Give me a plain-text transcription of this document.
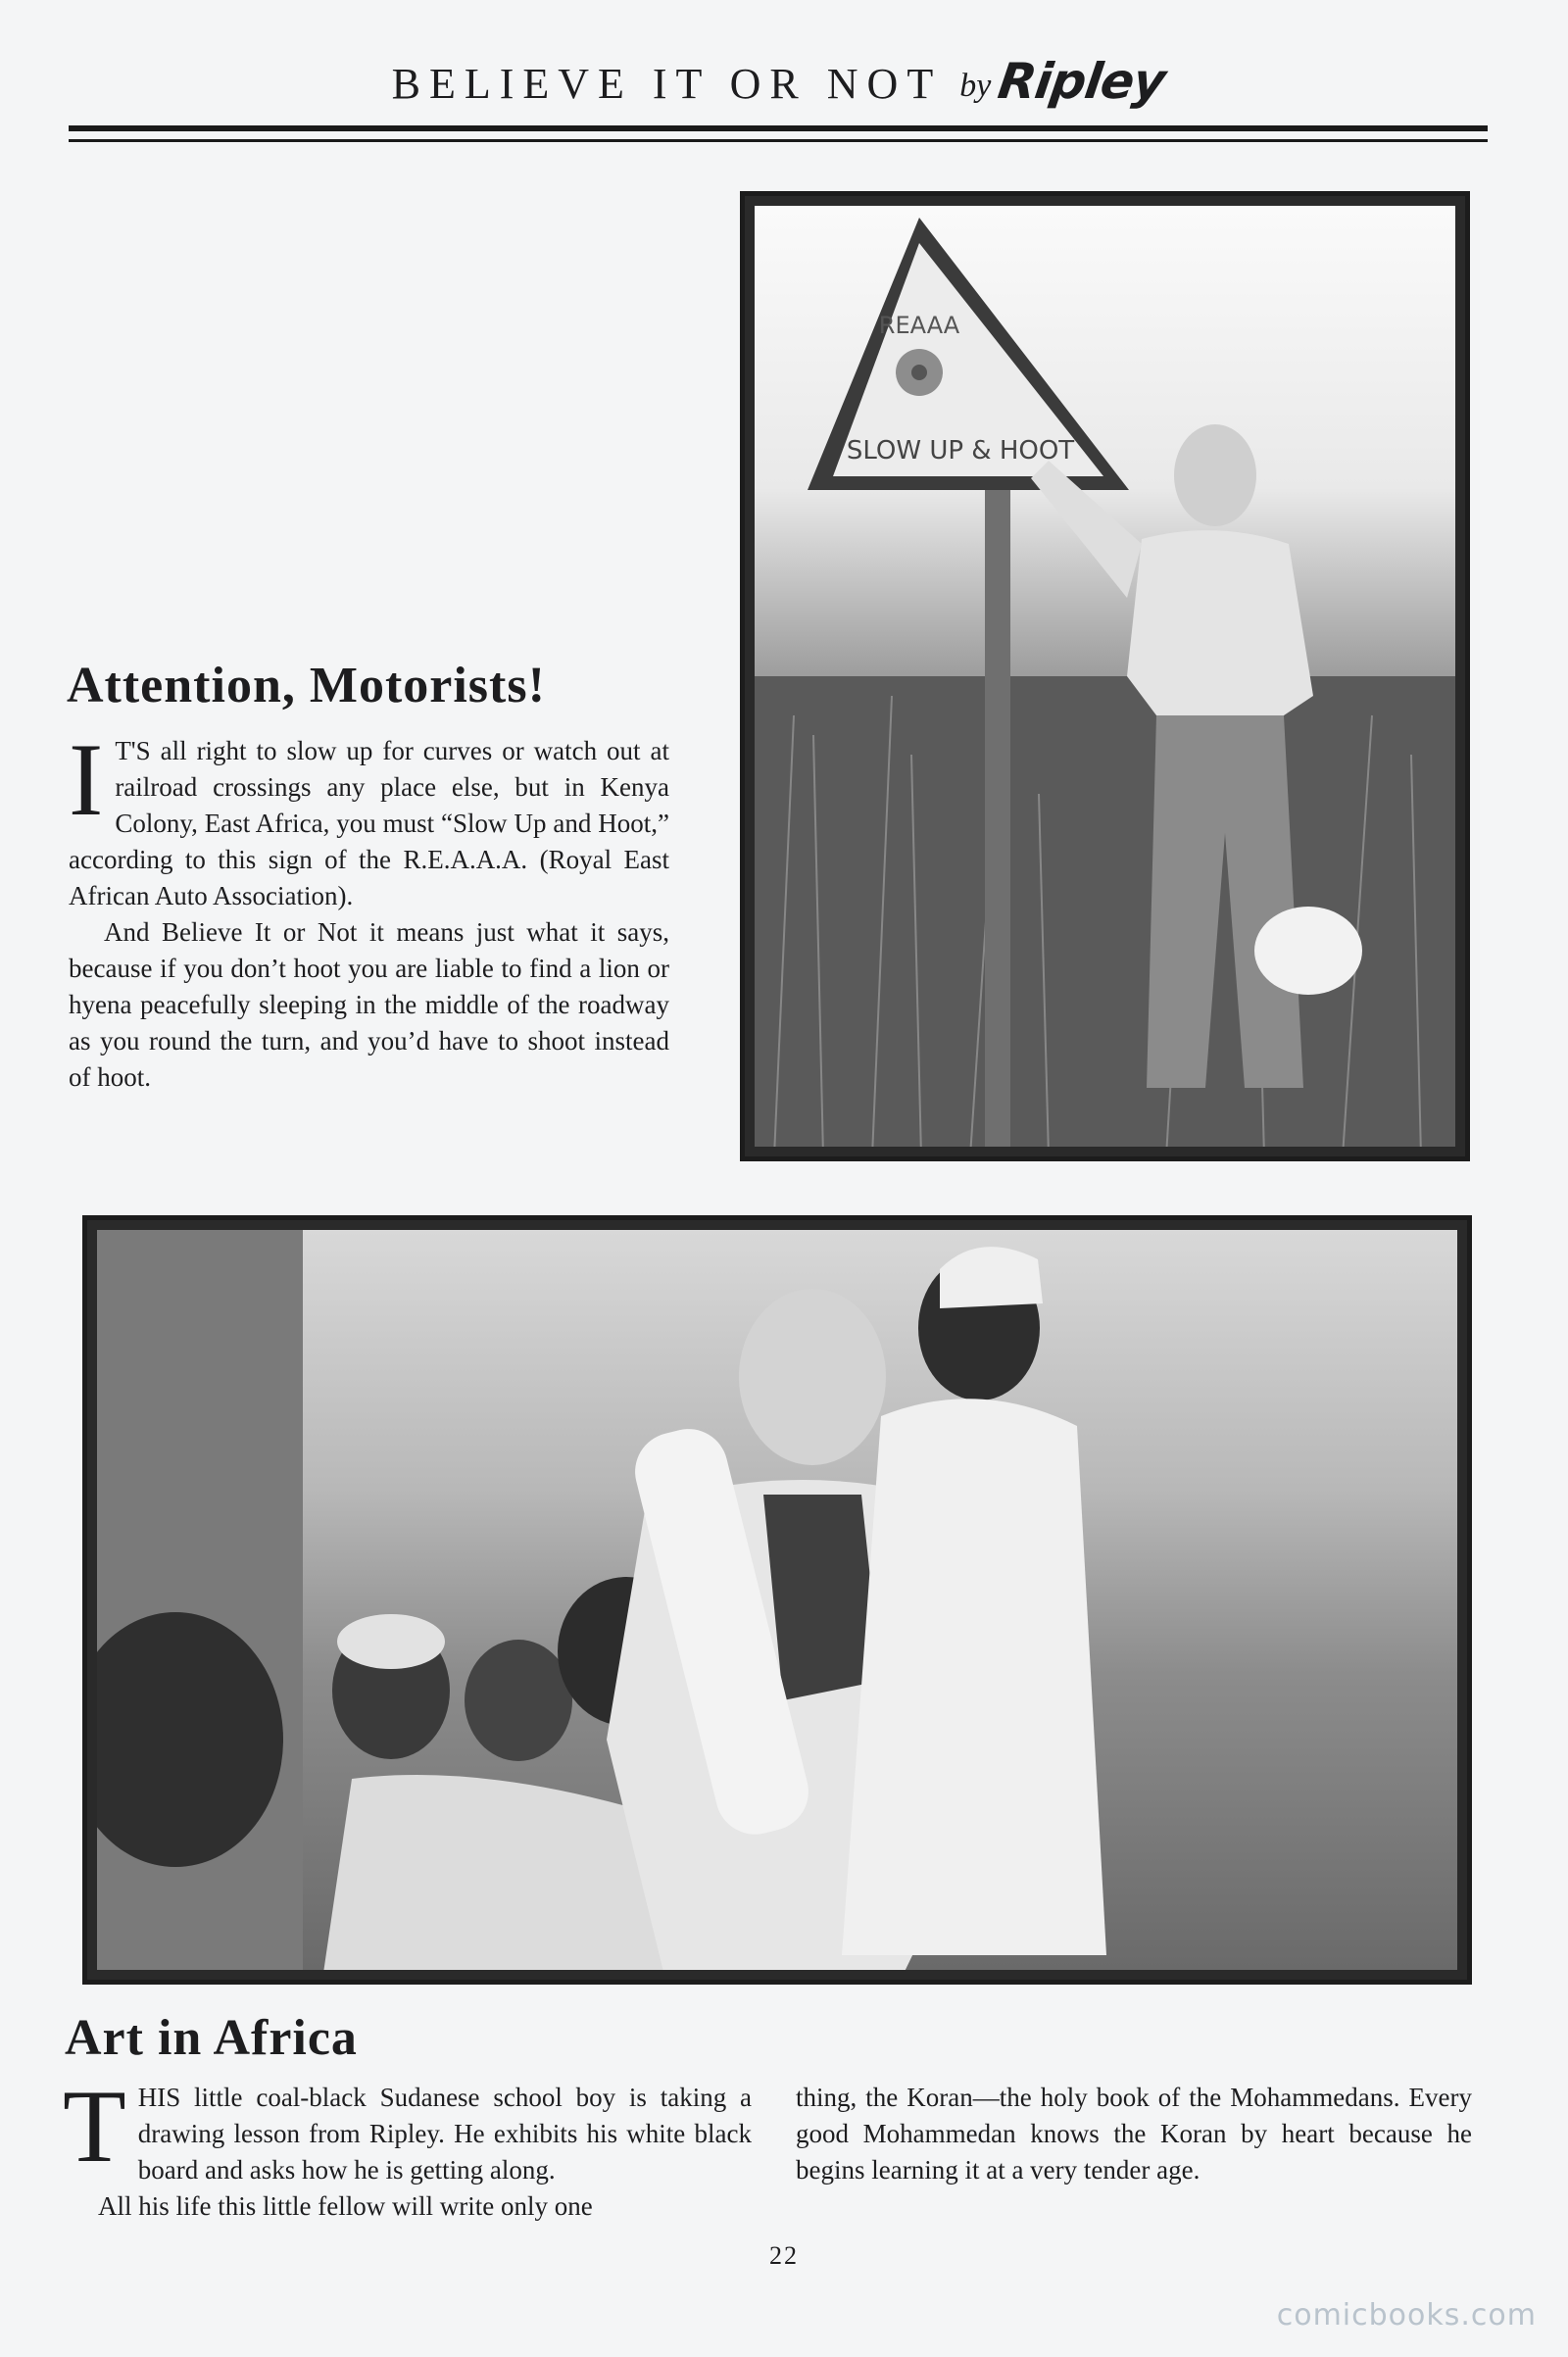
BELIEVE IT OR NOT by Ripley
REAAA
SLOW UP & HOOT
Attention, Motorists!

I T'S all right to slow up for curves or watch out at railroad crossings any place else, but in Kenya Colony, East Africa, you must “Slow Up and Hoot,” according to this sign of the R.E.A.A.A. (Royal East African Auto Association).

And Believe It or Not it means just what it says, because if you don’t hoot you are liable to find a lion or hyena peacefully sleeping in the middle of the roadway as you round the turn, and you’d have to shoot instead of hoot.

Art in Africa

THIS little coal-black Sudanese school boy is taking a drawing lesson from Ripley. He exhibits his white black board and asks how he is getting along.

All his life this little fellow will write only one

thing, the Koran—the holy book of the Mohammedans. Every good Mohammedan knows the Koran by heart because he begins learning it at a very tender age.

22
comicbooks.com
